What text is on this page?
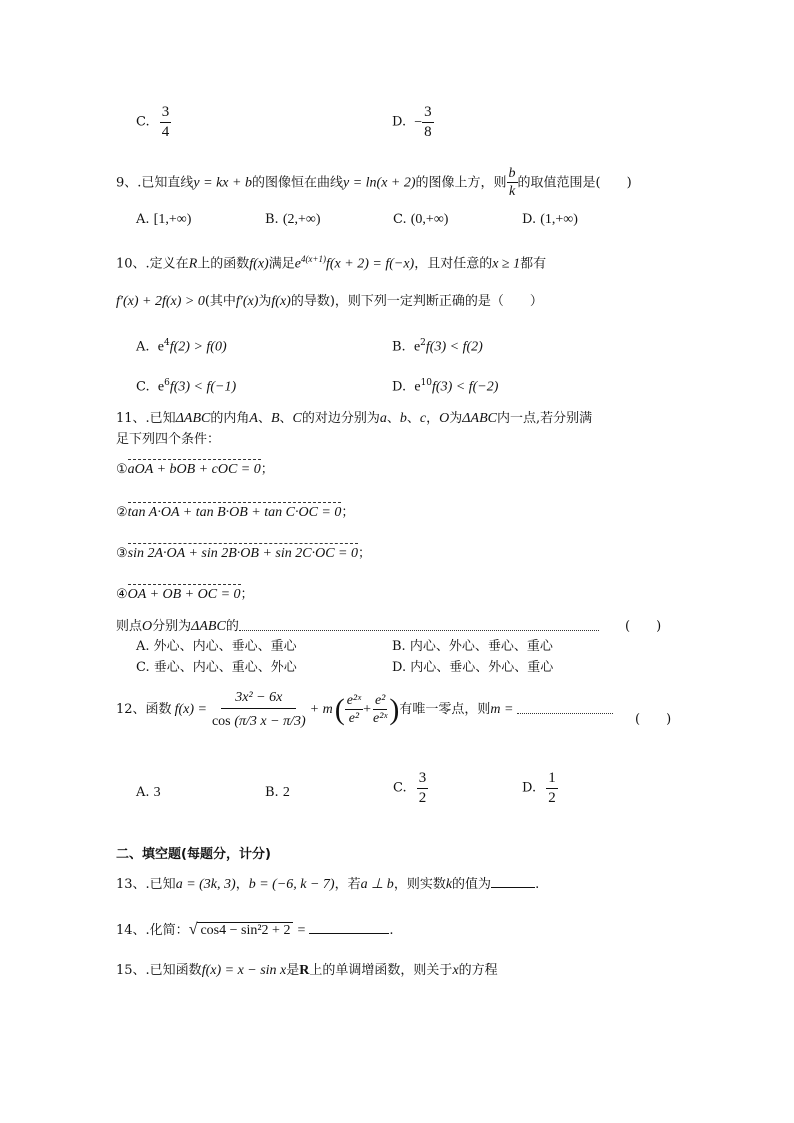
C. $\frac{3}{4}$	D. − $\frac{3}{8}$
9、.已知直线y = kx + b的图像恒在曲线y = ln(x + 2)的图像上方，则 $\frac{b}{k}$ 的取值范围是(　　)
A. [1,+∞)	B. (2,+∞)	C. (0,+∞)	D. (1,+∞)
10、.定义在R上的函数f(x)满足$e^{4(x+1)}f(x + 2) = f(-x)$，且对任意的x ≥ 1都有
f′(x) + 2f(x) > 0(其中f′(x)为f(x)的导数)，则下列一定判断正确的是（　　）
A. $e^4f(2) > f(0)$	B. $e^2f(3) < f(2)$
C. $e^6f(3) < f(-1)$	D. $e^{10}f(3) < f(-2)$
11、.已知ΔABC的内角A、B、C的对边分别为a、b、c，O为ΔABC内一点,若分别满
足下列四个条件：
①aOA + bOB + cOC = 0；
②tan A·OA + tan B·OB + tan C·OC = 0；
③sin 2A·OA + sin 2B·OB + sin 2C·OC = 0；
④OA + OB + OC = 0；
则点O分别为ΔABC的	(　　)
A. 外心、内心、垂心、重心	B. 内心、外心、垂心、重心
C. 垂心、内心、重心、外心	D. 内心、垂心、外心、重心
12、 函数 $f(x) = \frac{\text{3x² − 6x}}{\cos (\pi/3 x - \pi/3)} + m$ ( $\frac{\text{e²ˣ}}{\text{e²}} + \frac{\text{e²}}{\text{e²ˣ}}$ ) 有唯一零点，则 m =
(　　)
A. 3	B. 2	C. $\frac{3}{2}$	D. $\frac{1}{2}$
二、填空题(每题分，计分)
13、.已知a = (3k, 3)，b = (−6, k − 7)，若a ⊥ b，则实数k的值为	.
14、.化简：√ cos4 − sin²2 + 2 =	.
15、.已知函数f(x) = x − sin x是R上的单调增函数，则关于x的方程
